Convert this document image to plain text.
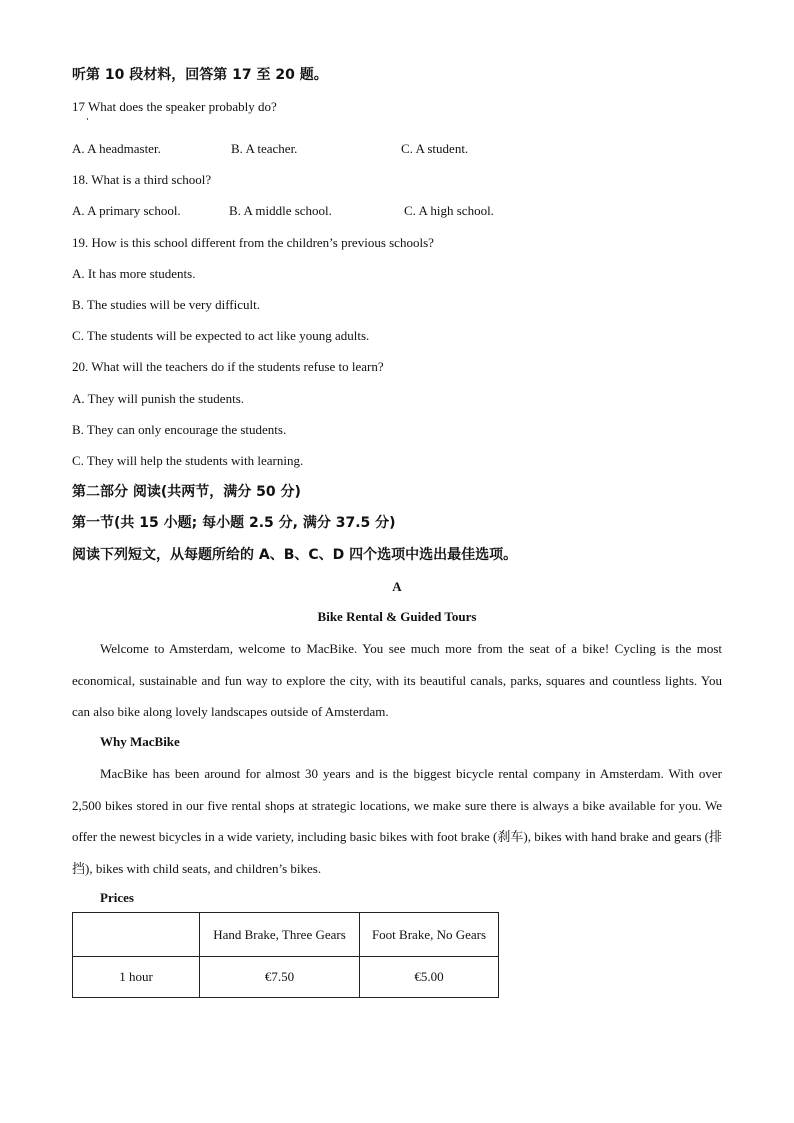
听第 10 段材料，回答第 17 至 20 题。
17 What does the speaker probably do?
A. A headmaster.	B. A teacher.	C. A student.
18. What is a third school?
A. A primary school.	B. A middle school.	C. A high school.
19. How is this school different from the children’s previous schools?
A. It has more students.
B. The studies will be very difficult.
C. The students will be expected to act like young adults.
20. What will the teachers do if the students refuse to learn?
A. They will punish the students.
B. They can only encourage the students.
C. They will help the students with learning.
第二部分 阅读(共两节，满分 50 分)
第一节(共 15 小题; 每小题 2.5 分, 满分 37.5 分)
阅读下列短文，从每题所给的 A、B、C、D 四个选项中选出最佳选项。
A
Bike Rental & Guided Tours
Welcome to Amsterdam, welcome to MacBike. You see much more from the seat of a bike! Cycling is the most economical, sustainable and fun way to explore the city, with its beautiful canals, parks, squares and countless lights. You can also bike along lovely landscapes outside of Amsterdam.
Why MacBike
MacBike has been around for almost 30 years and is the biggest bicycle rental company in Amsterdam. With over 2,500 bikes stored in our five rental shops at strategic locations, we make sure there is always a bike available for you. We offer the newest bicycles in a wide variety, including basic bikes with foot brake (刹车), bikes with hand brake and gears (排挡), bikes with child seats, and children’s bikes.
Prices
	Hand Brake, Three Gears	Foot Brake, No Gears
1 hour	€7.50	€5.00
